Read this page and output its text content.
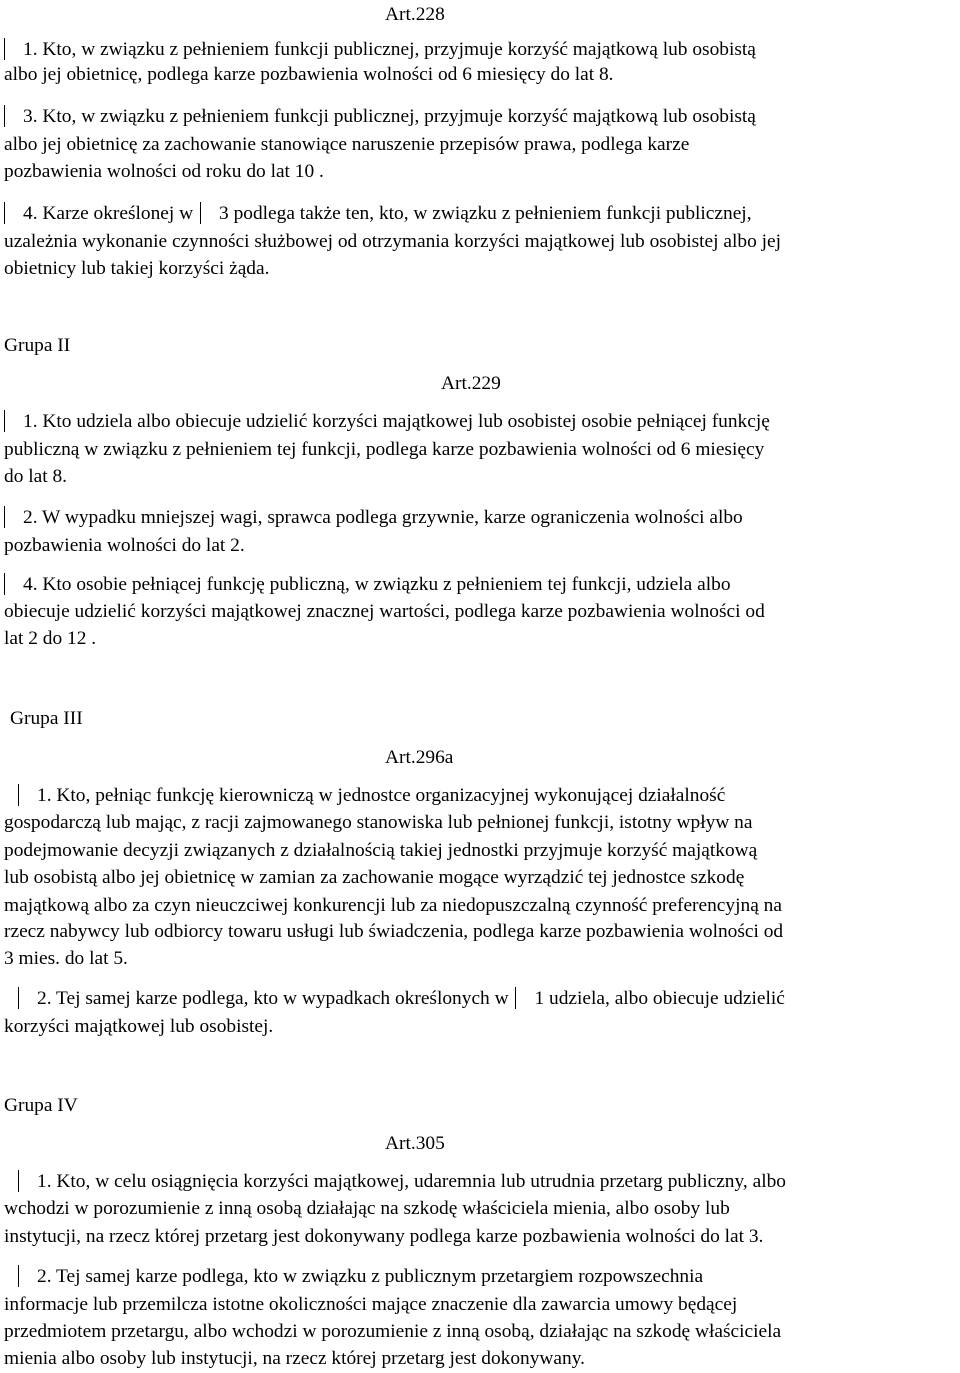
Art.228
1. Kto, w związku z pełnieniem funkcji publicznej, przyjmuje korzyść majątkową lub osobistą
albo jej obietnicę, podlega karze pozbawienia wolności od 6 miesięcy do lat 8.
3. Kto, w związku z pełnieniem funkcji publicznej, przyjmuje korzyść majątkową lub osobistą
albo jej obietnicę za zachowanie stanowiące naruszenie przepisów prawa, podlega karze
pozbawienia wolności od roku do lat 10 .
4. Karze określonej w 3 podlega także ten, kto, w związku z pełnieniem funkcji publicznej,
uzależnia wykonanie czynności służbowej od otrzymania korzyści majątkowej lub osobistej albo jej
obietnicy lub takiej korzyści żąda.
Grupa II
Art.229
1. Kto udziela albo obiecuje udzielić korzyści majątkowej lub osobistej osobie pełniącej funkcję
publiczną w związku z pełnieniem tej funkcji, podlega karze pozbawienia wolności od 6 miesięcy
do lat 8.
2. W wypadku mniejszej wagi, sprawca podlega grzywnie, karze ograniczenia wolności albo
pozbawienia wolności do lat 2.
4. Kto osobie pełniącej funkcję publiczną, w związku z pełnieniem tej funkcji, udziela albo
obiecuje udzielić korzyści majątkowej znacznej wartości, podlega karze pozbawienia wolności od
lat 2 do 12 .
Grupa III
Art.296a
1. Kto, pełniąc funkcję kierowniczą w jednostce organizacyjnej wykonującej działalność
gospodarczą lub mając, z racji zajmowanego stanowiska lub pełnionej funkcji, istotny wpływ na
podejmowanie decyzji związanych z działalnością takiej jednostki przyjmuje korzyść majątkową
lub osobistą albo jej obietnicę w zamian za zachowanie mogące wyrządzić tej jednostce szkodę
majątkową albo za czyn nieuczciwej konkurencji lub za niedopuszczalną czynność preferencyjną na
rzecz nabywcy lub odbiorcy towaru usługi lub świadczenia, podlega karze pozbawienia wolności od
3 mies. do lat 5.
2. Tej samej karze podlega, kto w wypadkach określonych w 1 udziela, albo obiecuje udzielić
korzyści majątkowej lub osobistej.
Grupa IV
Art.305
1. Kto, w celu osiągnięcia korzyści majątkowej, udaremnia lub utrudnia przetarg publiczny, albo
wchodzi w porozumienie z inną osobą działając na szkodę właściciela mienia, albo osoby lub
instytucji, na rzecz której przetarg jest dokonywany podlega karze pozbawienia wolności do lat 3.
2. Tej samej karze podlega, kto w związku z publicznym przetargiem rozpowszechnia
informacje lub przemilcza istotne okoliczności mające znaczenie dla zawarcia umowy będącej
przedmiotem przetargu, albo wchodzi w porozumienie z inną osobą, działając na szkodę właściciela
mienia albo osoby lub instytucji, na rzecz której przetarg jest dokonywany.
